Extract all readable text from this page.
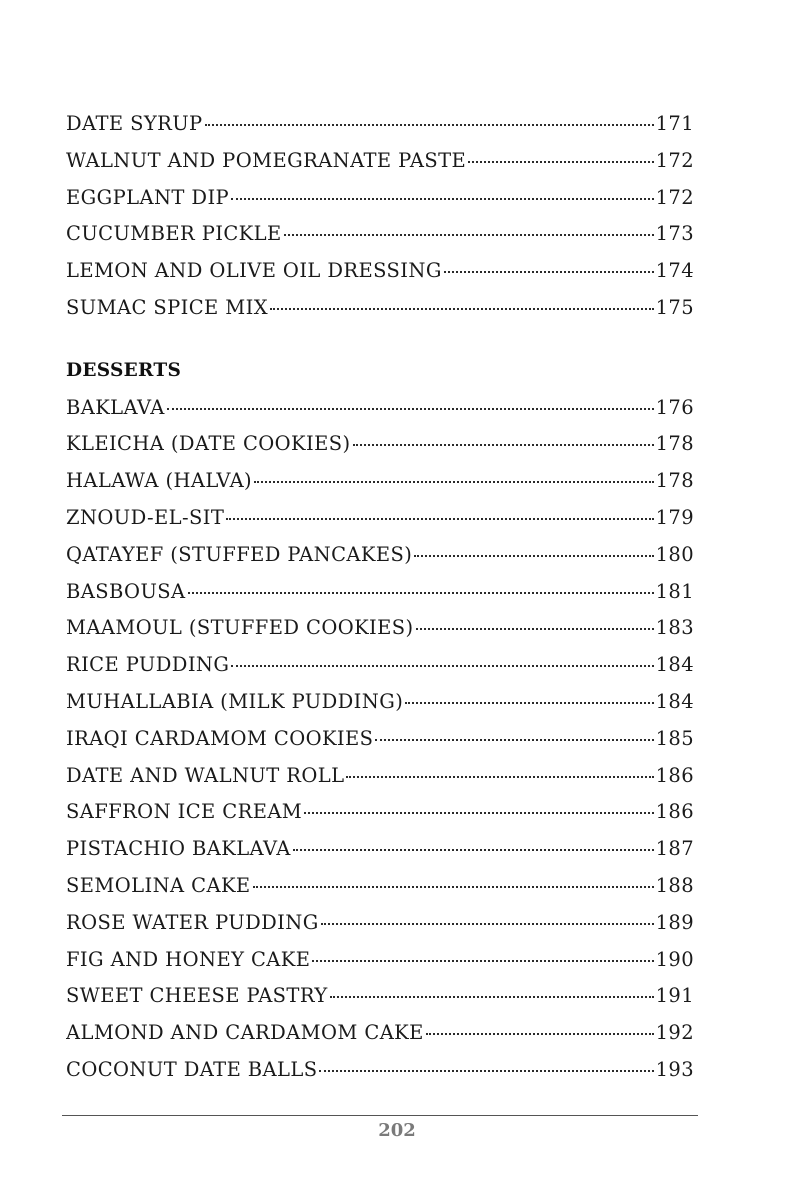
DATE SYRUP	171
WALNUT AND POMEGRANATE PASTE	172
EGGPLANT DIP	172
CUCUMBER PICKLE	173
LEMON AND OLIVE OIL DRESSING	174
SUMAC SPICE MIX	175
DESSERTS
BAKLAVA	176
KLEICHA (DATE COOKIES)	178
HALAWA (HALVA)	178
ZNOUD-EL-SIT	179
QATAYEF (STUFFED PANCAKES)	180
BASBOUSA	181
MAAMOUL (STUFFED COOKIES)	183
RICE PUDDING	184
MUHALLABIA (MILK PUDDING)	184
IRAQI CARDAMOM COOKIES	185
DATE AND WALNUT ROLL	186
SAFFRON ICE CREAM	186
PISTACHIO BAKLAVA	187
SEMOLINA CAKE	188
ROSE WATER PUDDING	189
FIG AND HONEY CAKE	190
SWEET CHEESE PASTRY	191
ALMOND AND CARDAMOM CAKE	192
COCONUT DATE BALLS	193
202
